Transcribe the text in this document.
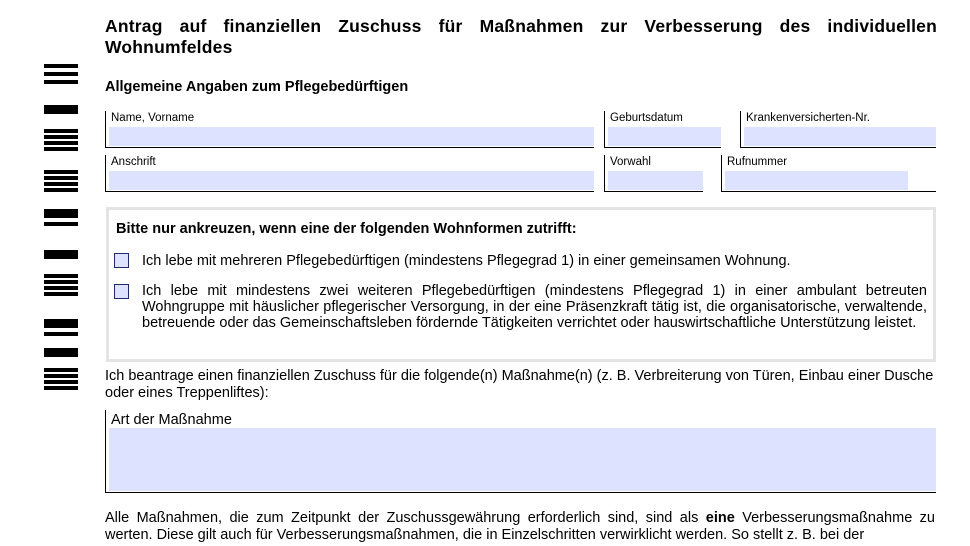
Antrag auf finanziellen Zuschuss für Maßnahmen zur Verbesserung des individuellen Wohnumfeldes
Allgemeine Angaben zum Pflegebedürftigen
Name, Vorname	Geburtsdatum	Krankenversicherten-Nr.
Anschrift	Vorwahl	Rufnummer
Bitte nur ankreuzen, wenn eine der folgenden Wohnformen zutrifft:
Ich lebe mit mehreren Pflegebedürftigen (mindestens Pflegegrad 1) in einer gemeinsamen Wohnung.
Ich lebe mit mindestens zwei weiteren Pflegebedürftigen (mindestens Pflegegrad 1) in einer ambulant betreuten Wohngruppe mit häuslicher pflegerischer Versorgung, in der eine Präsenzkraft tätig ist, die organisatorische, verwaltende, betreuende oder das Gemeinschaftsleben fördernde Tätigkeiten verrichtet oder hauswirtschaftliche Unterstützung leistet.
Ich beantrage einen finanziellen Zuschuss für die folgende(n) Maßnahme(n) (z. B. Verbreiterung von Türen, Einbau einer Dusche oder eines Treppenliftes):
Art der Maßnahme
Alle Maßnahmen, die zum Zeitpunkt der Zuschussgewährung erforderlich sind, sind als eine Verbesserungsmaßnahme zu werten. Diese gilt auch für Verbesserungsmaßnahmen, die in Einzelschritten verwirklicht werden. So stellt z. B. bei der
